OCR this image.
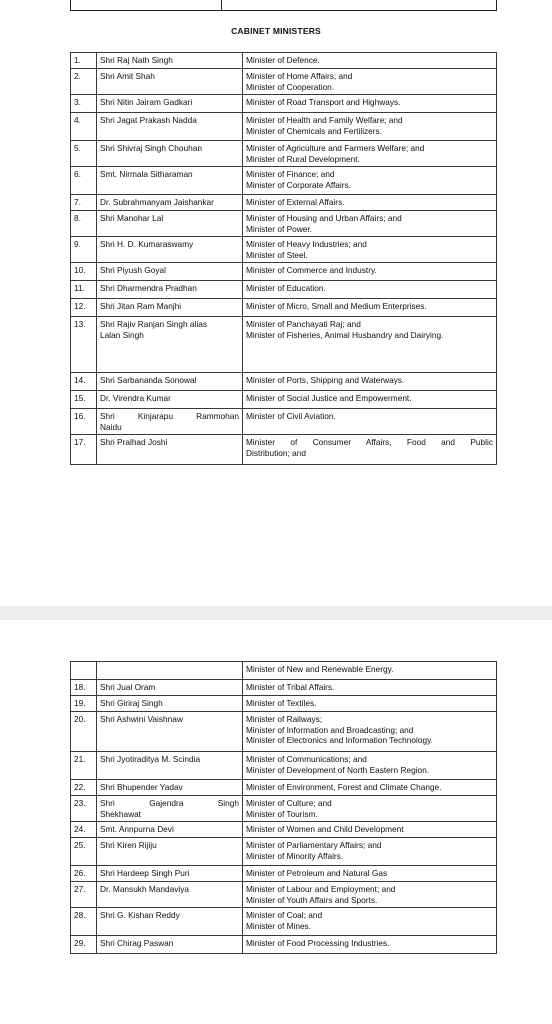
CABINET MINISTERS
1.	Shri Raj Nath Singh	Minister of Defence.

2.	Shri Amit Shah	Minister of Home Affairs; and
Minister of Cooperation.

3.	Shri Nitin Jairam Gadkari	Minister of Road Transport and Highways.

4.	Shri Jagat Prakash Nadda	Minister of Health and Family Welfare; and
Minister of Chemicals and Fertilizers.

5.	Shri Shivraj Singh Chouhan	Minister of Agriculture and Farmers Welfare; and
Minister of Rural Development.

6.	Smt. Nirmala Sitharaman	Minister of Finance; and
Minister of Corporate Affairs.

7.	Dr. Subrahmanyam Jaishankar	Minister of External Affairs.

8.	Shri Manohar Lal	Minister of Housing and Urban Affairs; and
Minister of Power.

9.	Shri H. D. Kumaraswamy	Minister of Heavy Industries; and
Minister of Steel.

10.	Shri Piyush Goyal	Minister of Commerce and Industry.

11.	Shri Dharmendra Pradhan	Minister of Education.

12.	Shri Jitan Ram Manjhi	Minister of Micro, Small and Medium Enterprises.

13.	Shri Rajiv Ranjan Singh alias
Lalan Singh	Minister of Panchayati Raj; and
Minister of Fisheries, Animal Husbandry and Dairying.

14.	Shri Sarbananda Sonowal	Minister of Ports, Shipping and Waterways.

15.	Dr. Virendra Kumar	Minister of Social Justice and Empowerment.

16.	Shri Kinjarapu Rammohan
Naidu	Minister of Civil Aviation.

17.	Shri Pralhad Joshi	Minister of Consumer Affairs, Food and Public
Distribution; and

		Minister of New and Renewable Energy.

18.	Shri Jual Oram	Minister of Tribal Affairs.

19.	Shri Giriraj Singh	Minister of Textiles.

20.	Shri Ashwini Vaishnaw	Minister of Railways;
Minister of Information and Broadcasting; and
Minister of Electronics and Information Technology.

21.	Shri Jyotiraditya M. Scindia	Minister of Communications; and
Minister of Development of North Eastern Region.

22.	Shri Bhupender Yadav	Minister of Environment, Forest and Climate Change.

23.	Shri Gajendra Singh
Shekhawat	Minister of Culture; and
Minister of Tourism.

24.	Smt. Annpurna Devi	Minister of Women and Child Development

25.	Shri Kiren Rijiju	Minister of Parliamentary Affairs; and
Minister of Minority Affairs.

26.	Shri Hardeep Singh Puri	Minister of Petroleum and Natural Gas

27.	Dr. Mansukh Mandaviya	Minister of Labour and Employment; and
Minister of Youth Affairs and Sports.

28.	Shri G. Kishan Reddy	Minister of Coal; and
Minister of Mines.

29.	Shri Chirag Paswan	Minister of Food Processing Industries.
